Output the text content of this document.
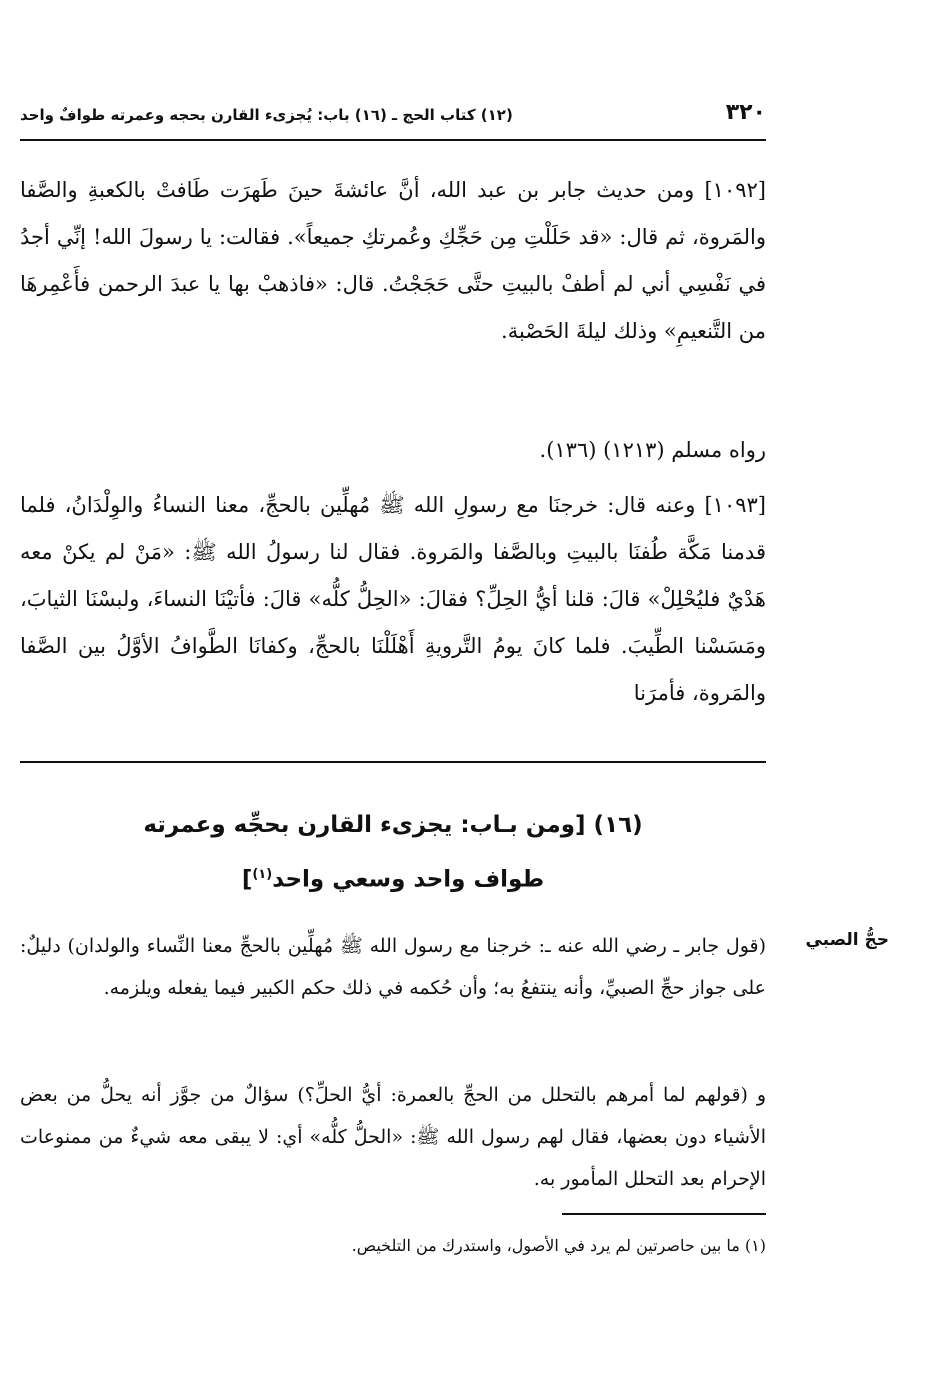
٣٢٠
(١٢) كتاب الحج ـ (١٦) باب: يُجزىء القارن بحجه وعمرته طوافٌ واحد

[١٠٩٢] ومن حديث جابر بن عبد الله، أنَّ عائشةَ حينَ طَهرَت طَافتْ بالكعبةِ والصَّفا والمَروة، ثم قال: «قد حَلَلْتِ مِن حَجِّكِ وعُمرتكِ جميعاً». فقالت: يا رسولَ الله! إنِّي أجدُ في نَفْسِي أني لم أطفْ بالبيتِ حتَّى حَجَجْتُ. قال: «فاذهبْ بها يا عبدَ الرحمن فأَعْمِرهَا من التَّنعيمِ» وذلك ليلةَ الحَصْبة.

رواه مسلم (١٢١٣) (١٣٦).

[١٠٩٣] وعنه قال: خرجنَا مع رسولِ الله ﷺ مُهلِّين بالحجِّ، معنا النساءُ والوِلْدَانُ، فلما قدمنا مَكَّة طُفنَا بالبيتِ وبالصَّفا والمَروة. فقال لنا رسولُ الله ﷺ: «مَنْ لم يكنْ معه هَدْيٌ فليُحْلِلْ» قالَ: قلنا أيُّ الحِلِّ؟ فقالَ: «الحِلُّ كلُّه» قالَ: فأتيْنَا النساءَ، ولبسْنَا الثيابَ، ومَسَسْنا الطِّيبَ. فلما كانَ يومُ التَّرويةِ أَهْلَلْنَا بالحجِّ، وكفانَا الطَّوافُ الأوَّلُ بين الصَّفا والمَروة، فأمرَنا

(١٦) [ومن بـاب: يجزىء القارن بحجِّه وعمرته
طواف واحد وسعي واحد$^{(١)}$]
حجُّ الصبي

(قول جابر ـ رضي الله عنه ـ: خرجنا مع رسول الله ﷺ مُهلِّين بالحجِّ معنا النِّساء والولدان) دليلٌ: على جواز حجِّ الصبيِّ، وأنه ينتفعُ به؛ وأن حُكمه في ذلك حكم الكبير فيما يفعله ويلزمه.

و (قولهم لما أمرهم بالتحلل من الحجِّ بالعمرة: أيُّ الحلِّ؟) سؤالٌ من جوَّز أنه يحلُّ من بعض الأشياء دون بعضها، فقال لهم رسول الله ﷺ: «الحلُّ كلُّه» أي: لا يبقى معه شيءٌ من ممنوعات الإحرام بعد التحلل المأمور به.

(١) ما بين حاصرتين لم يرد في الأصول، واستدرك من التلخيص.
